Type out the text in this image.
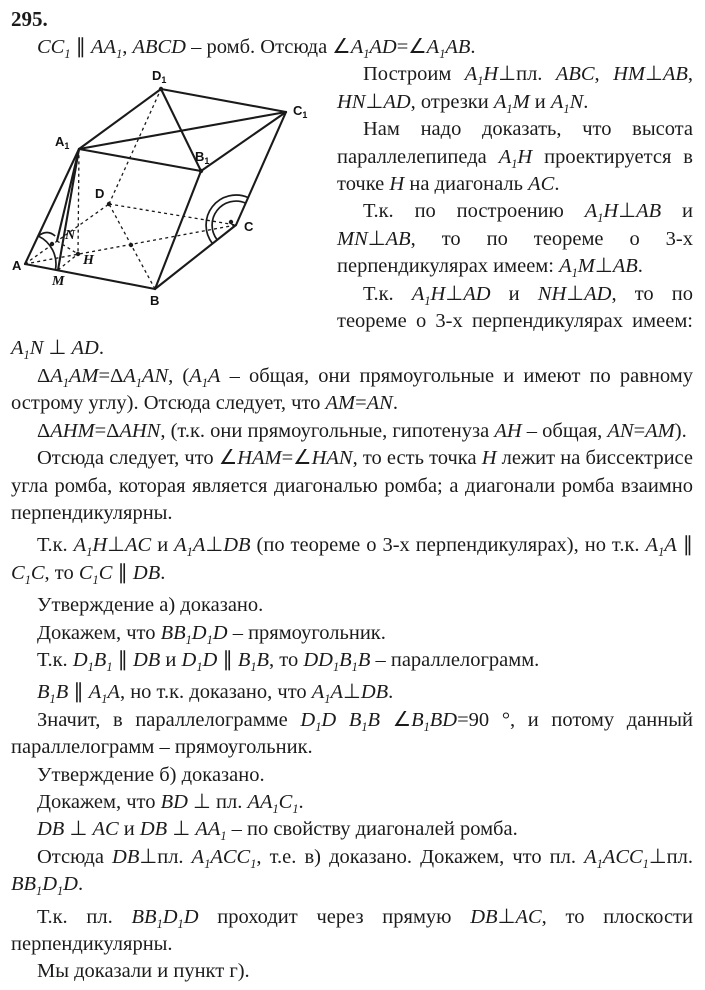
295.

$CC_1$ ∥ $AA_1$, ABCD – ромб. Отсюда $\angle A_1AD=\angle A_1AB$.

A
B
C
D
$A_1$
$B_1$
$C_1$
$D_1$
H
M
N

Построим $A_1H\perp пл$. ABC, HM⊥AB, HN⊥AD, отрезки $A_1M$ и $A_1N$.

Нам надо доказать, что высота параллелепипеда $A_1H$ проектируется в точке H на диагональ AC.

Т.к. по построению $A_1H\perp AB$ и MN⊥AB, то по теореме о 3-х перпендикулярах имеем: $A_1M\perp AB$.

Т.к. $A_1H\perp AD$ и NH⊥AD, то по теореме о 3-х перпендикулярах имеем: $A_1N$ ⊥ AD.

$\Delta A_1AM=\Delta A_1AN$, ($A_1A$ – общая, они прямоугольные и имеют по равному острому углу). Отсюда следует, что AM=AN.

ΔAHM=ΔAHN, (т.к. они прямоугольные, гипотенуза AH – общая, AN=AM).

Отсюда следует, что ∠HAM=∠HAN, то есть точка H лежит на биссектрисе угла ромба, которая является диагональю ромба; а диагонали ромба взаимно перпендикулярны.

Т.к. $A_1H\perp AC$ и $A_1A\perp DB$ (по теореме о 3-х перпендикулярах), но т.к. $A_1A$ ∥ $C_1C$, то $C_1C$ ∥ DB.

Утверждение а) доказано.

Докажем, что $BB_1D_1D$ – прямоугольник.

Т.к. $D_1B_1$ ∥ DB и $D_1D$ ∥ $B_1B$, то $DD_1B_1B$ – параллелограмм.

$B_1B$ ∥ $A_1A$, но т.к. доказано, что $A_1A\perp DB$.

Значит, в параллелограмме $D_1D$ $B_1B$ $\angle B_1BD=90$ °, и потому данный параллелограмм – прямоугольник.

Утверждение б) доказано.

Докажем, что BD ⊥ пл. $AA_1C_1$.

DB ⊥ AC и DB ⊥ $AA_1$ – по свойству диагоналей ромба.

Отсюда DB⊥пл. $A_1ACC_1$, т.е. в) доказано. Докажем, что пл. $A_1ACC_1\perp пл$. $BB_1D_1D$.

Т.к. пл. $BB_1D_1D$ проходит через прямую DB⊥AC, то плоскости перпендикулярны.

Мы доказали и пункт г).
